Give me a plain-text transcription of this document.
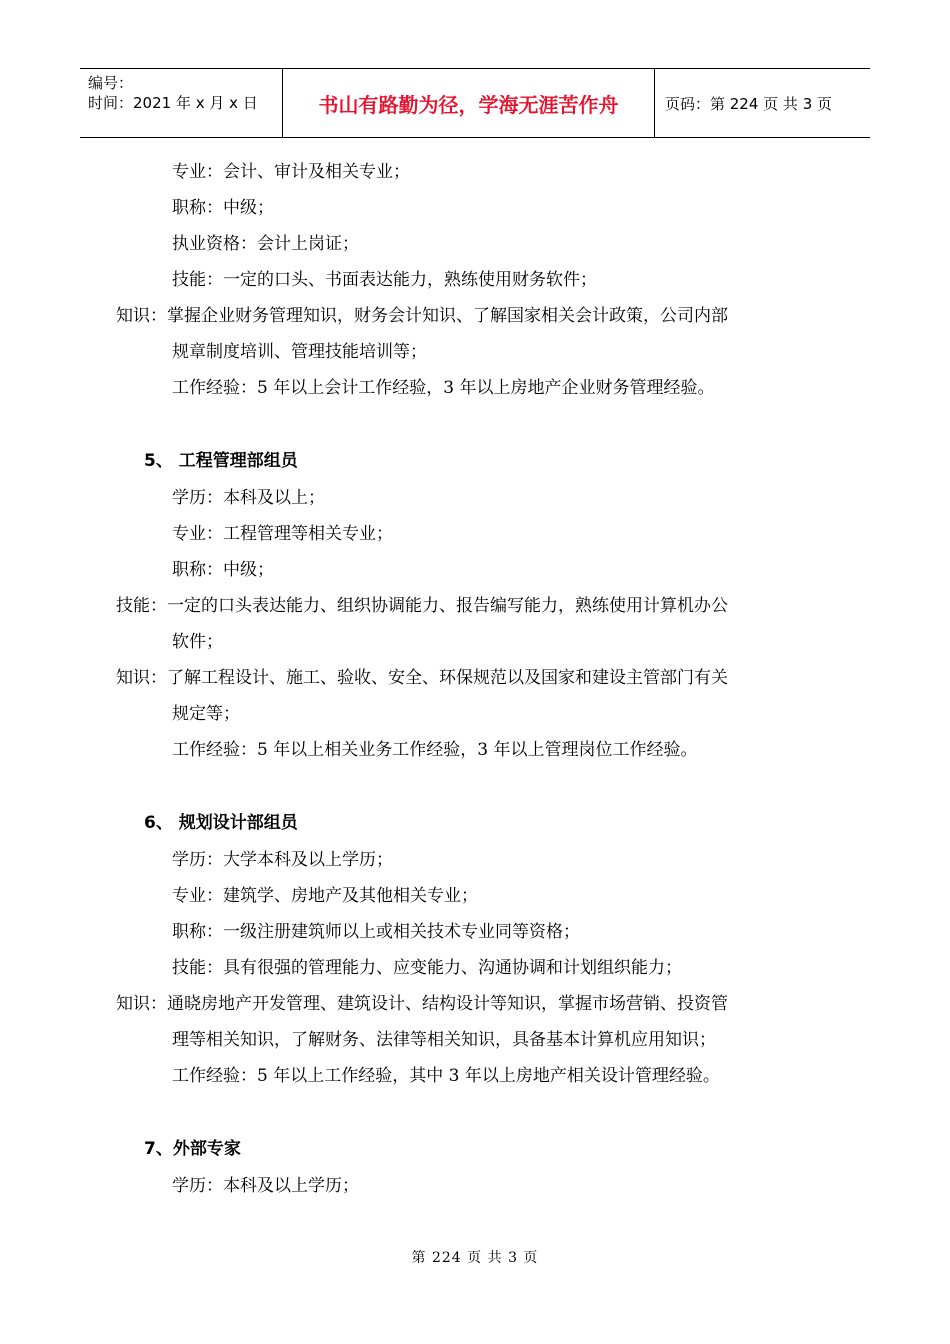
编号：
时间：2021 年 x 月 x 日	书山有路勤为径，学海无涯苦作舟	页码：第 224 页 共 3 页
专业：会计、审计及相关专业；
职称：中级；
执业资格：会计上岗证；
技能：一定的口头、书面表达能力，熟练使用财务软件；
知识：掌握企业财务管理知识，财务会计知识、了解国家相关会计政策，公司内部
规章制度培训、管理技能培训等；
工作经验：5 年以上会计工作经验，3 年以上房地产企业财务管理经验。
5、 工程管理部组员
学历：本科及以上；
专业：工程管理等相关专业；
职称：中级；
技能：一定的口头表达能力、组织协调能力、报告编写能力，熟练使用计算机办公
软件；
知识：了解工程设计、施工、验收、安全、环保规范以及国家和建设主管部门有关
规定等；
工作经验：5 年以上相关业务工作经验，3 年以上管理岗位工作经验。
6、 规划设计部组员
学历：大学本科及以上学历；
专业：建筑学、房地产及其他相关专业；
职称：一级注册建筑师以上或相关技术专业同等资格；
技能：具有很强的管理能力、应变能力、沟通协调和计划组织能力；
知识：通晓房地产开发管理、建筑设计、结构设计等知识，掌握市场营销、投资管
理等相关知识，了解财务、法律等相关知识，具备基本计算机应用知识；
工作经验：5 年以上工作经验，其中 3 年以上房地产相关设计管理经验。
7、外部专家
学历：本科及以上学历；
第 224 页 共 3 页
